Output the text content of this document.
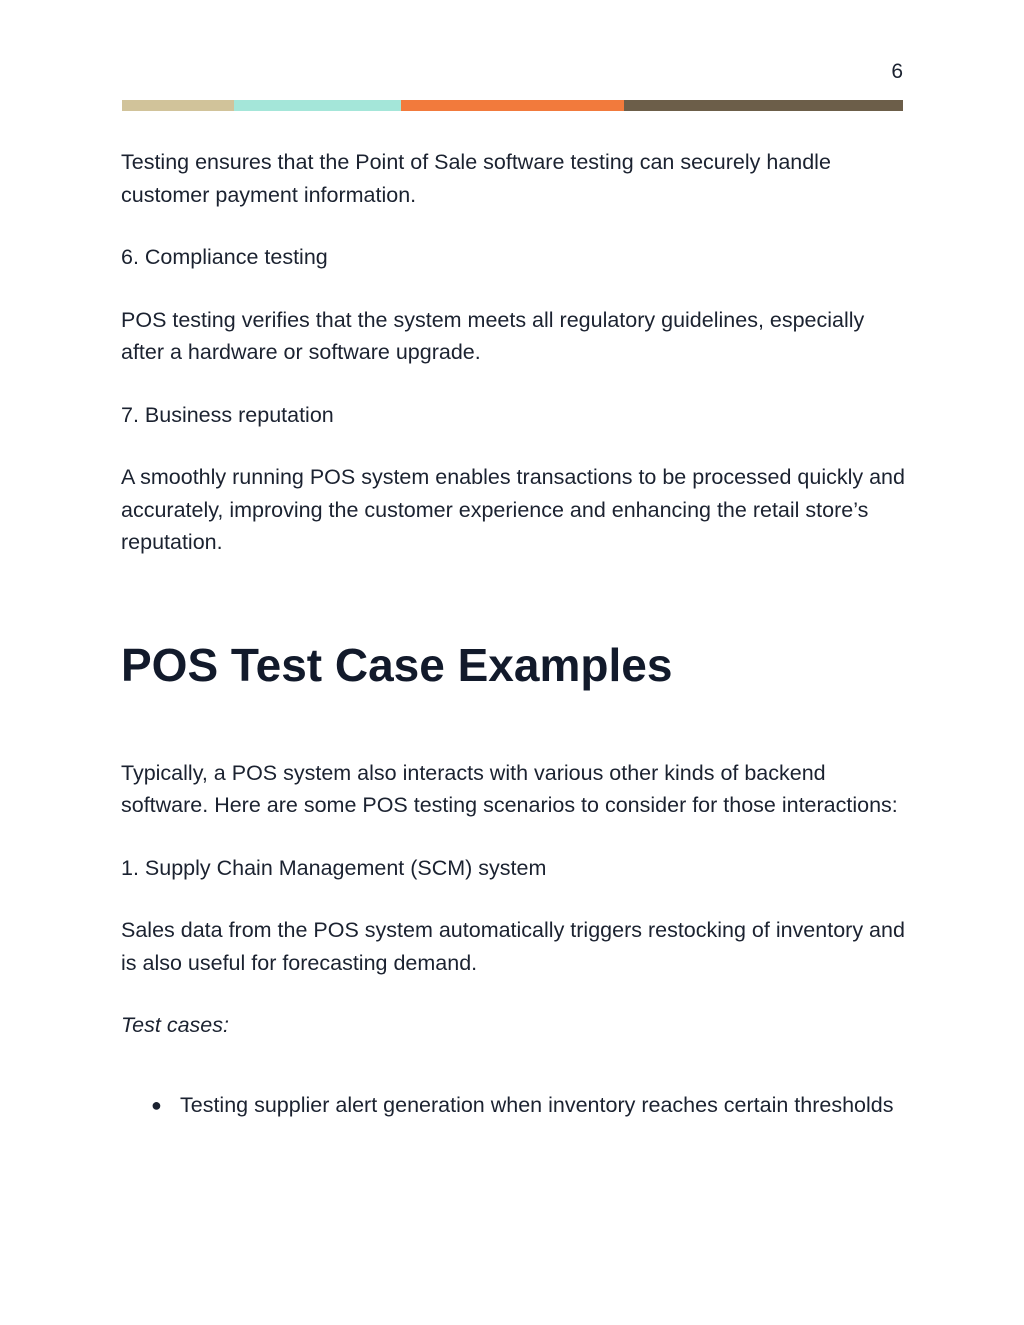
6

Testing ensures that the Point of Sale software testing can securely handle customer payment information.

6. Compliance testing

POS testing verifies that the system meets all regulatory guidelines, especially after a hardware or software upgrade.

7. Business reputation

A smoothly running POS system enables transactions to be processed quickly and accurately, improving the customer experience and enhancing the retail store’s reputation.

POS Test Case Examples

Typically, a POS system also interacts with various other kinds of backend software. Here are some POS testing scenarios to consider for those interactions:

1. Supply Chain Management (SCM) system

Sales data from the POS system automatically triggers restocking of inventory and is also useful for forecasting demand.

Test cases:

● Testing supplier alert generation when inventory reaches certain thresholds
